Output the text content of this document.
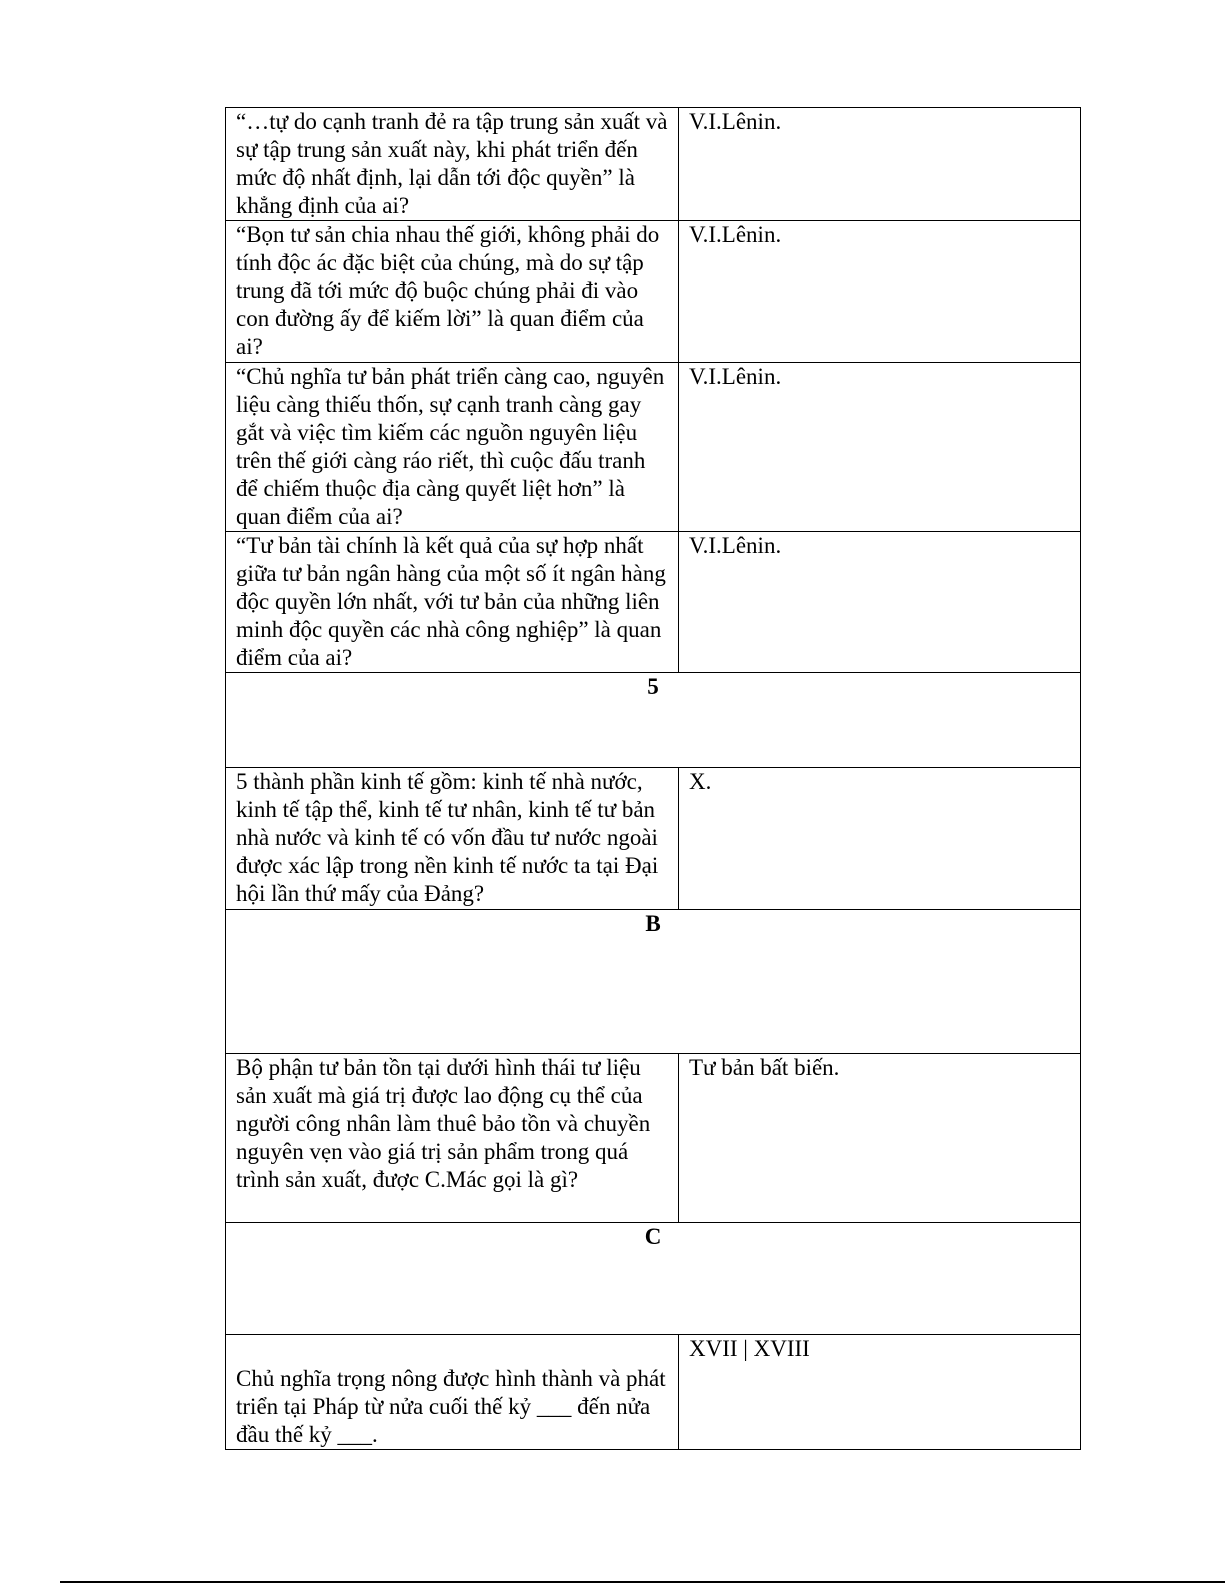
“…tự do cạnh tranh đẻ ra tập trung sản xuất và sự tập trung sản xuất này, khi phát triển đến mức độ nhất định, lại dẫn tới độc quyền” là khẳng định của ai?	V.I.Lênin.
“Bọn tư sản chia nhau thế giới, không phải do tính độc ác đặc biệt của chúng, mà do sự tập trung đã tới mức độ buộc chúng phải đi vào con đường ấy để kiếm lời” là quan điểm của ai?	V.I.Lênin.
“Chủ nghĩa tư bản phát triển càng cao, nguyên liệu càng thiếu thốn, sự cạnh tranh càng gay gắt và việc tìm kiếm các nguồn nguyên liệu trên thế giới càng ráo riết, thì cuộc đấu tranh để chiếm thuộc địa càng quyết liệt hơn” là quan điểm của ai?	V.I.Lênin.
“Tư bản tài chính là kết quả của sự hợp nhất giữa tư bản ngân hàng của một số ít ngân hàng độc quyền lớn nhất, với tư bản của những liên minh độc quyền các nhà công nghiệp” là quan điểm của ai?	V.I.Lênin.
5	
5 thành phần kinh tế gồm: kinh tế nhà nước, kinh tế tập thể, kinh tế tư nhân, kinh tế tư bản nhà nước và kinh tế có vốn đầu tư nước ngoài được xác lập trong nền kinh tế nước ta tại Đại hội lần thứ mấy của Đảng?	X.
B	
Bộ phận tư bản tồn tại dưới hình thái tư liệu sản xuất mà giá trị được lao động cụ thể của người công nhân làm thuê bảo tồn và chuyền nguyên vẹn vào giá trị sản phẩm trong quá trình sản xuất, được C.Mác gọi là gì?	Tư bản bất biến.
C	

Chủ nghĩa trọng nông được hình thành và phát triển tại Pháp từ nửa cuối thế kỷ ___ đến nửa đầu thế kỷ ___.	XVII | XVIII
